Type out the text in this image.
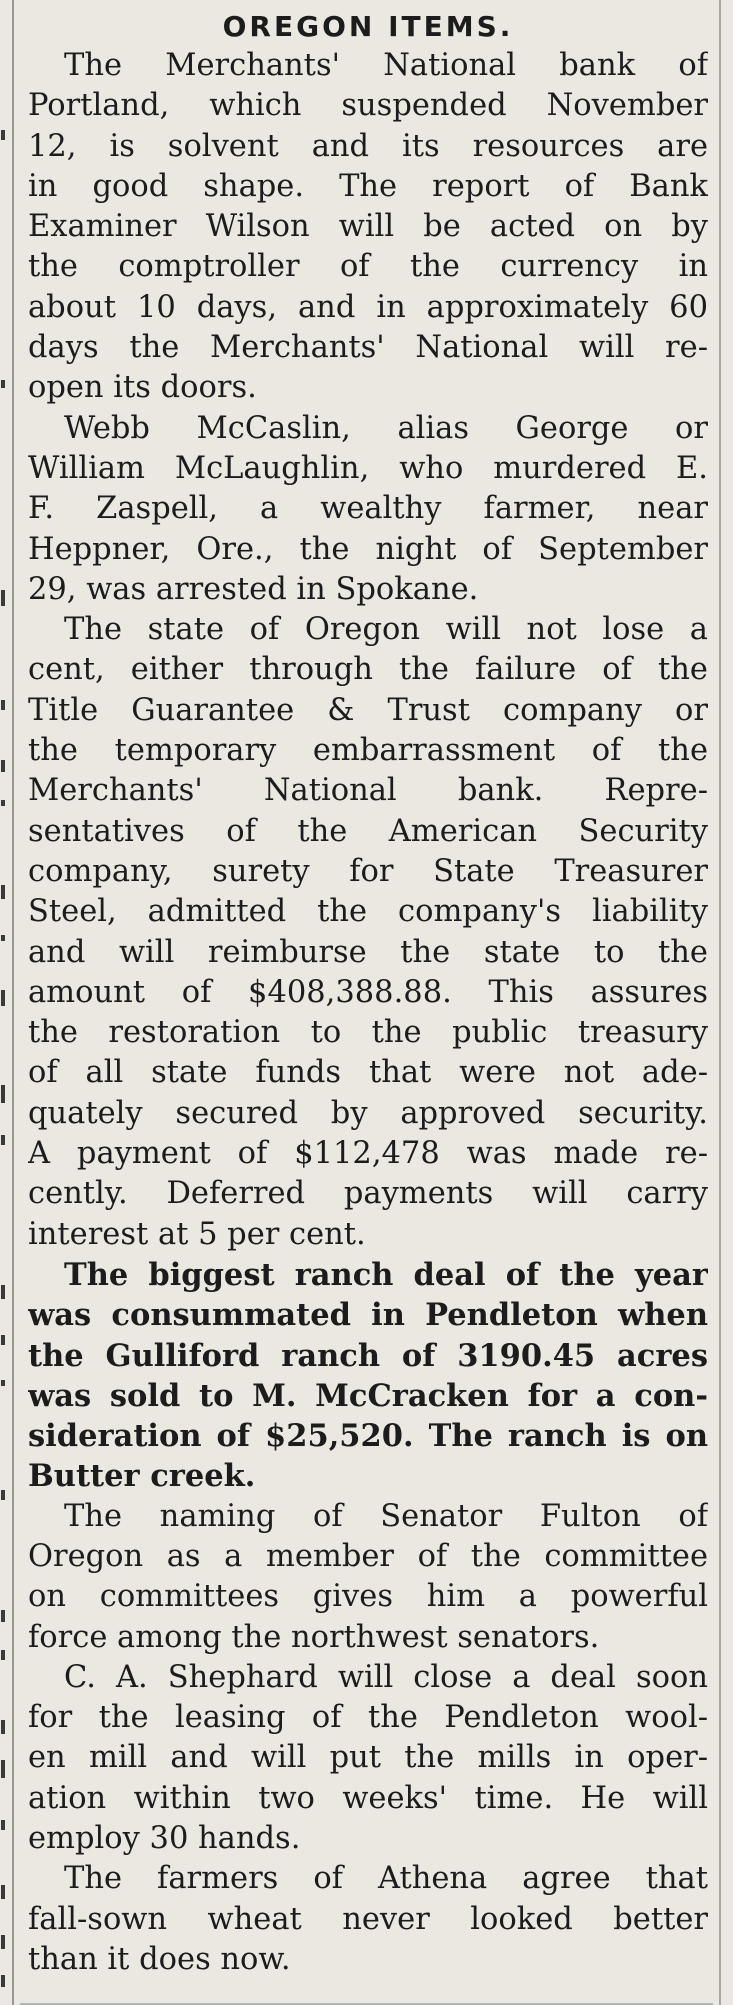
OREGON ITEMS.
The Merchants' National bank of
Portland, which suspended November
12, is solvent and its resources are
in good shape. The report of Bank
Examiner Wilson will be acted on by
the comptroller of the currency in
about 10 days, and in approximately 60
days the Merchants' National will re-
open its doors.
Webb McCaslin, alias George or
William McLaughlin, who murdered E.
F. Zaspell, a wealthy farmer, near
Heppner, Ore., the night of September
29, was arrested in Spokane.
The state of Oregon will not lose a
cent, either through the failure of the
Title Guarantee & Trust company or
the temporary embarrassment of the
Merchants' National bank. Repre-
sentatives of the American Security
company, surety for State Treasurer
Steel, admitted the company's liability
and will reimburse the state to the
amount of $408,388.88. This assures
the restoration to the public treasury
of all state funds that were not ade-
quately secured by approved security.
A payment of $112,478 was made re-
cently. Deferred payments will carry
interest at 5 per cent.
The biggest ranch deal of the year
was consummated in Pendleton when
the Gulliford ranch of 3190.45 acres
was sold to M. McCracken for a con-
sideration of $25,520. The ranch is on
Butter creek.
The naming of Senator Fulton of
Oregon as a member of the committee
on committees gives him a powerful
force among the northwest senators.
C. A. Shephard will close a deal soon
for the leasing of the Pendleton wool-
en mill and will put the mills in oper-
ation within two weeks' time. He will
employ 30 hands.
The farmers of Athena agree that
fall-sown wheat never looked better
than it does now.
